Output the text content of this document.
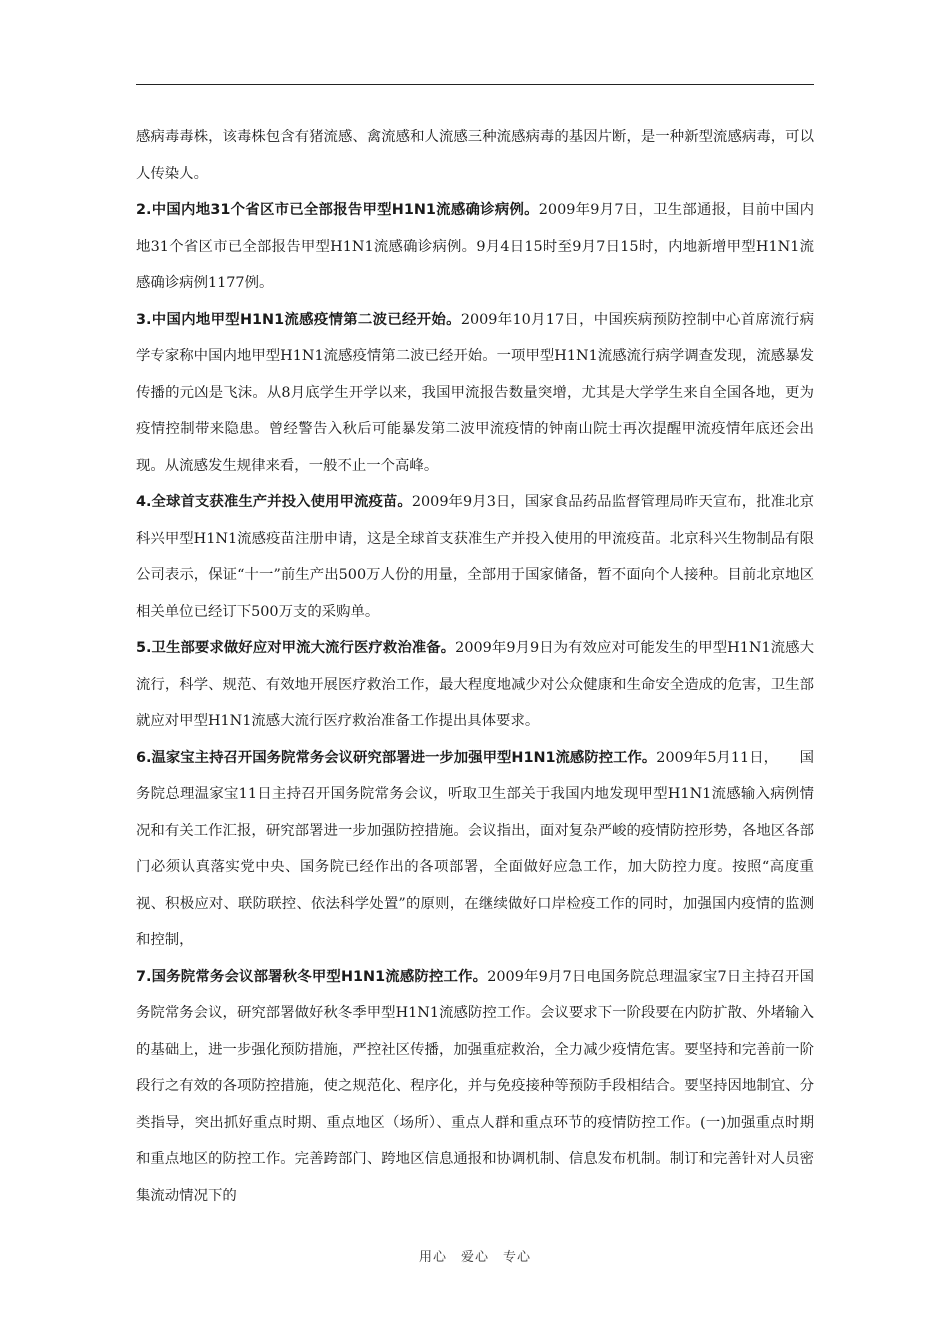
感病毒毒株，该毒株包含有猪流感、禽流感和人流感三种流感病毒的基因片断，是一种新型流感病毒，可以人传染人。

2.中国内地31个省区市已全部报告甲型H1N1流感确诊病例。2009年9月7日，卫生部通报，目前中国内地31个省区市已全部报告甲型H1N1流感确诊病例。9月4日15时至9月7日15时，内地新增甲型H1N1流感确诊病例1177例。

3.中国内地甲型H1N1流感疫情第二波已经开始。2009年10月17日，中国疾病预防控制中心首席流行病学专家称中国内地甲型H1N1流感疫情第二波已经开始。一项甲型H1N1流感流行病学调查发现，流感暴发传播的元凶是飞沫。从8月底学生开学以来，我国甲流报告数量突增，尤其是大学学生来自全国各地，更为疫情控制带来隐患。曾经警告入秋后可能暴发第二波甲流疫情的钟南山院士再次提醒甲流疫情年底还会出现。从流感发生规律来看，一般不止一个高峰。

4.全球首支获准生产并投入使用甲流疫苗。2009年9月3日，国家食品药品监督管理局昨天宣布，批准北京科兴甲型H1N1流感疫苗注册申请，这是全球首支获准生产并投入使用的甲流疫苗。北京科兴生物制品有限公司表示，保证“十一”前生产出500万人份的用量，全部用于国家储备，暂不面向个人接种。目前北京地区相关单位已经订下500万支的采购单。

5.卫生部要求做好应对甲流大流行医疗救治准备。2009年9月9日为有效应对可能发生的甲型H1N1流感大流行，科学、规范、有效地开展医疗救治工作，最大程度地减少对公众健康和生命安全造成的危害，卫生部就应对甲型H1N1流感大流行医疗救治准备工作提出具体要求。

6.温家宝主持召开国务院常务会议研究部署进一步加强甲型H1N1流感防控工作。2009年5月11日，　　国务院总理温家宝11日主持召开国务院常务会议，听取卫生部关于我国内地发现甲型H1N1流感输入病例情况和有关工作汇报，研究部署进一步加强防控措施。会议指出，面对复杂严峻的疫情防控形势，各地区各部门必须认真落实党中央、国务院已经作出的各项部署，全面做好应急工作，加大防控力度。按照“高度重视、积极应对、联防联控、依法科学处置”的原则，在继续做好口岸检疫工作的同时，加强国内疫情的监测和控制，

7.国务院常务会议部署秋冬甲型H1N1流感防控工作。2009年9月7日电国务院总理温家宝7日主持召开国务院常务会议，研究部署做好秋冬季甲型H1N1流感防控工作。会议要求下一阶段要在内防扩散、外堵输入的基础上，进一步强化预防措施，严控社区传播，加强重症救治，全力减少疫情危害。要坚持和完善前一阶段行之有效的各项防控措施，使之规范化、程序化，并与免疫接种等预防手段相结合。要坚持因地制宜、分类指导，突出抓好重点时期、重点地区（场所）、重点人群和重点环节的疫情防控工作。(一)加强重点时期和重点地区的防控工作。完善跨部门、跨地区信息通报和协调机制、信息发布机制。制订和完善针对人员密集流动情况下的

用心　爱心　专心
